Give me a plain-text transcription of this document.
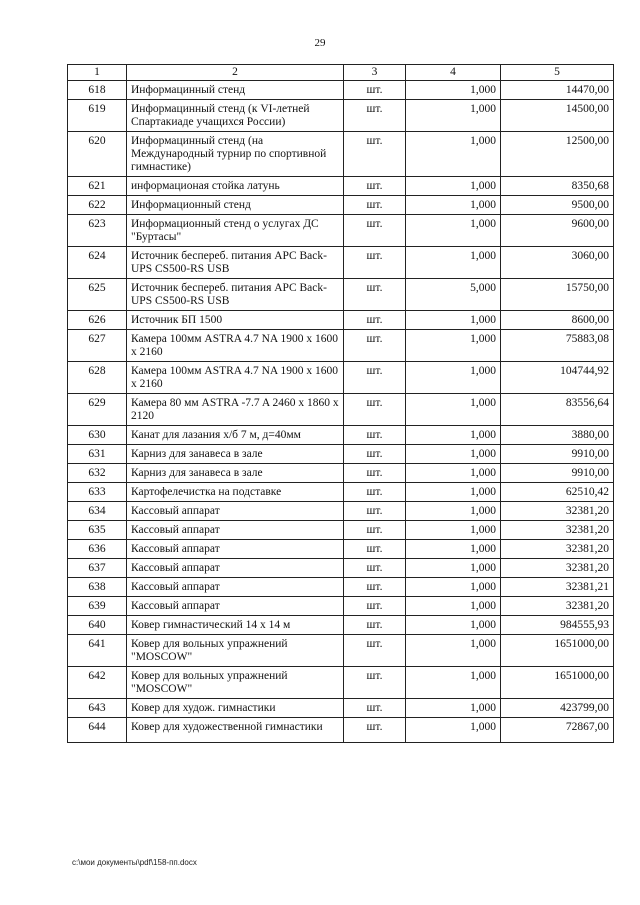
29
1	2	3	4	5
618	Информацинный стенд	шт.	1,000	14470,00
619	Информацинный стенд (к VI-летней Спартакиаде учащихся России)	шт.	1,000	14500,00
620	Информацинный стенд (на Международный турнир по спортивной гимнастике)	шт.	1,000	12500,00
621	информационая стойка латунь	шт.	1,000	8350,68
622	Информационный стенд	шт.	1,000	9500,00
623	Информационный стенд о услугах ДС "Буртасы"	шт.	1,000	9600,00
624	Источник беспереб. питания APC Back-UPS CS500-RS USB	шт.	1,000	3060,00
625	Источник беспереб. питания APC Back-UPS CS500-RS USB	шт.	5,000	15750,00
626	Источник БП 1500	шт.	1,000	8600,00
627	Камера 100мм ASTRA 4.7 NA 1900 х 1600 х 2160	шт.	1,000	75883,08
628	Камера 100мм ASTRA 4.7 NA 1900 х 1600 х 2160	шт.	1,000	104744,92
629	Камера 80 мм ASTRA -7.7 A 2460 х 1860 х 2120	шт.	1,000	83556,64
630	Канат для лазания х/б 7 м, д=40мм	шт.	1,000	3880,00
631	Карниз для занавеса в зале	шт.	1,000	9910,00
632	Карниз для занавеса в зале	шт.	1,000	9910,00
633	Картофелечистка на подставке	шт.	1,000	62510,42
634	Кассовый аппарат	шт.	1,000	32381,20
635	Кассовый аппарат	шт.	1,000	32381,20
636	Кассовый аппарат	шт.	1,000	32381,20
637	Кассовый аппарат	шт.	1,000	32381,20
638	Кассовый аппарат	шт.	1,000	32381,21
639	Кассовый аппарат	шт.	1,000	32381,20
640	Ковер гимнастический 14 х 14 м	шт.	1,000	984555,93
641	Ковер для вольных упражнений "MOSCOW"	шт.	1,000	1651000,00
642	Ковер для вольных упражнений "MOSCOW"	шт.	1,000	1651000,00
643	Ковер для худож. гимнастики	шт.	1,000	423799,00
644	Ковер для художественной гимнастики	шт.	1,000	72867,00
c:\мои документы\pdf\158-пп.docx
